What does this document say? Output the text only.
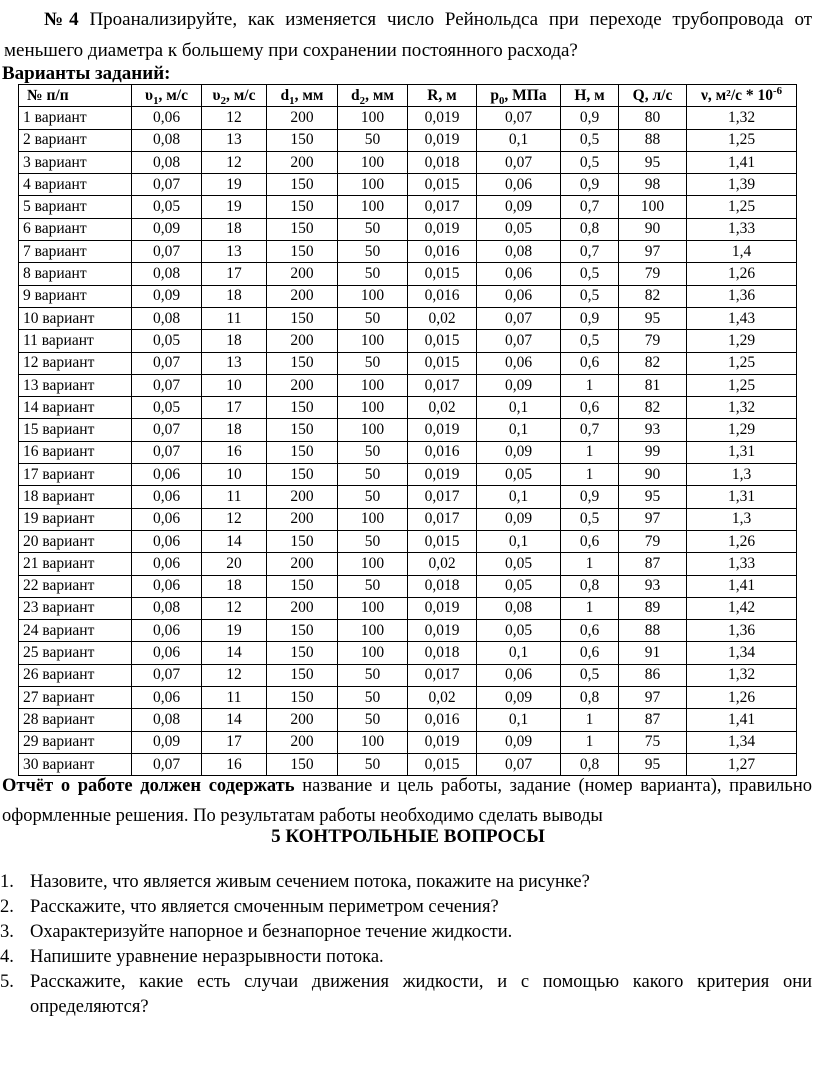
№4 Проанализируйте, как изменяется число Рейнольдса при переходе трубопровода от меньшего диаметра к большему при сохранении постоянного расхода?

Варианты заданий:

№ п/п	$\upsilon_1$, м/с	$\upsilon_2$, м/с	$d_1$, мм	$d_2$, мм	R, м	$p_0$, МПа	Н, м	Q, л/с	ν, $м^2/с * 10^{-6}$
1 вариант	0,06	12	200	100	0,019	0,07	0,9	80	1,32
2 вариант	0,08	13	150	50	0,019	0,1	0,5	88	1,25
3 вариант	0,08	12	200	100	0,018	0,07	0,5	95	1,41
4 вариант	0,07	19	150	100	0,015	0,06	0,9	98	1,39
5 вариант	0,05	19	150	100	0,017	0,09	0,7	100	1,25
6 вариант	0,09	18	150	50	0,019	0,05	0,8	90	1,33
7 вариант	0,07	13	150	50	0,016	0,08	0,7	97	1,4
8 вариант	0,08	17	200	50	0,015	0,06	0,5	79	1,26
9 вариант	0,09	18	200	100	0,016	0,06	0,5	82	1,36
10 вариант	0,08	11	150	50	0,02	0,07	0,9	95	1,43
11 вариант	0,05	18	200	100	0,015	0,07	0,5	79	1,29
12 вариант	0,07	13	150	50	0,015	0,06	0,6	82	1,25
13 вариант	0,07	10	200	100	0,017	0,09	1	81	1,25
14 вариант	0,05	17	150	100	0,02	0,1	0,6	82	1,32
15 вариант	0,07	18	150	100	0,019	0,1	0,7	93	1,29
16 вариант	0,07	16	150	50	0,016	0,09	1	99	1,31
17 вариант	0,06	10	150	50	0,019	0,05	1	90	1,3
18 вариант	0,06	11	200	50	0,017	0,1	0,9	95	1,31
19 вариант	0,06	12	200	100	0,017	0,09	0,5	97	1,3
20 вариант	0,06	14	150	50	0,015	0,1	0,6	79	1,26
21 вариант	0,06	20	200	100	0,02	0,05	1	87	1,33
22 вариант	0,06	18	150	50	0,018	0,05	0,8	93	1,41
23 вариант	0,08	12	200	100	0,019	0,08	1	89	1,42
24 вариант	0,06	19	150	100	0,019	0,05	0,6	88	1,36
25 вариант	0,06	14	150	100	0,018	0,1	0,6	91	1,34
26 вариант	0,07	12	150	50	0,017	0,06	0,5	86	1,32
27 вариант	0,06	11	150	50	0,02	0,09	0,8	97	1,26
28 вариант	0,08	14	200	50	0,016	0,1	1	87	1,41
29 вариант	0,09	17	200	100	0,019	0,09	1	75	1,34
30 вариант	0,07	16	150	50	0,015	0,07	0,8	95	1,27

Отчёт о работе должен содержать название и цель работы, задание (номер варианта), правильно оформленные решения. По результатам работы необходимо сделать выводы

5 КОНТРОЛЬНЫЕ ВОПРОСЫ

1. Назовите, что является живым сечением потока, покажите на рисунке?
2. Расскажите, что является смоченным периметром сечения?
3. Охарактеризуйте напорное и безнапорное течение жидкости.
4. Напишите уравнение неразрывности потока.
5. Расскажите, какие есть случаи движения жидкости, и с помощью какого критерия они определяются?
